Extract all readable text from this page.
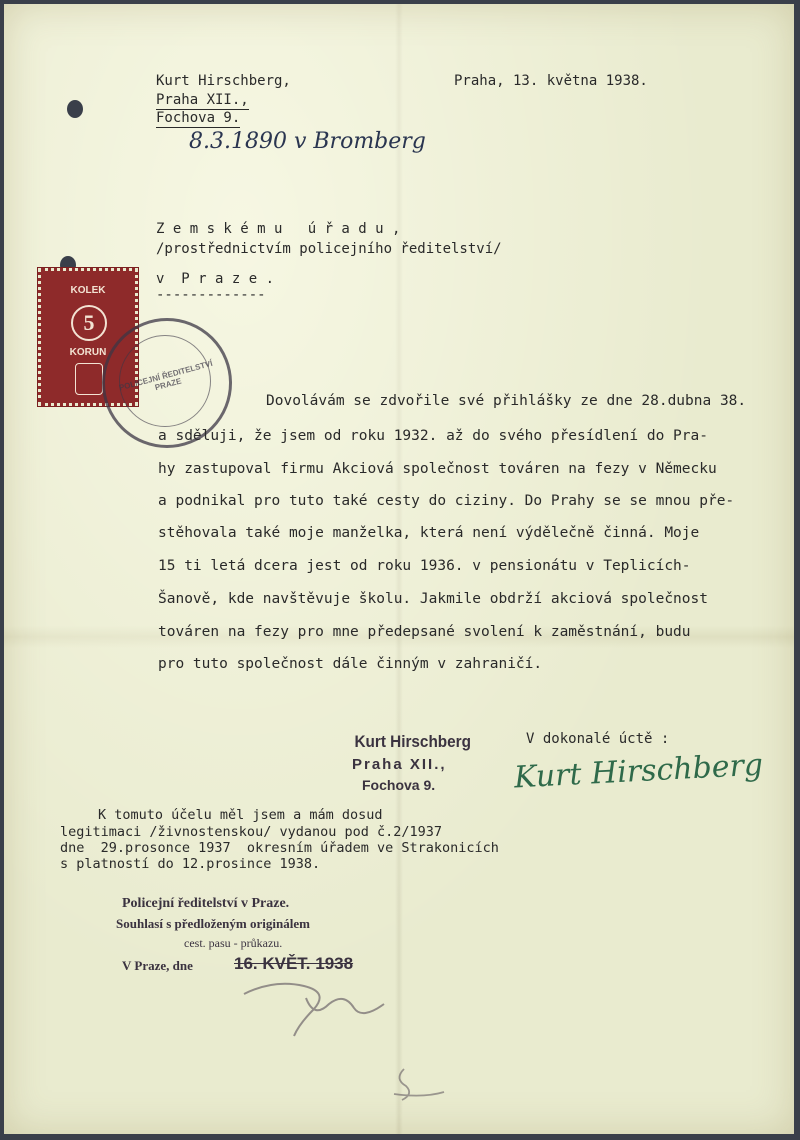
Kurt Hirschberg,
Praha XII.,
Fochova 9.
Praha, 13. května 1938.
8.3.1890 v Bromberg
Z e m s k é m u   ú ř a d u ,
/prostřednictvím policejního ředitelství/
v  P r a z e .
-------------
KOLEK
5
KORUN
POLICEJNÍ ŘEDITELSTVÍ PRAZE
Dovolávám se zdvořile své přihlášky ze dne 28.dubna 38.
a sděluji, že jsem od roku 1932. až do svého přesídlení do Pra-
hy zastupoval firmu Akciová společnost továren na fezy v Německu
a podnikal pro tuto také cesty do ciziny. Do Prahy se se mnou pře-
stěhovala také moje manželka, která není výdělečně činná. Moje
15 ti letá dcera jest od roku 1936. v pensionátu v Teplicích-
Šanově, kde navštěvuje školu. Jakmile obdrží akciová společnost
továren na fezy pro mne předepsané svolení k zaměstnání, budu
pro tuto společnost dále činným v zahraničí.
V dokonalé úctě :
Kurt Hirschberg
Praha XII.,
Fochova 9.	Kurt Hirschberg
K tomuto účelu měl jsem a mám dosud
legitimaci /živnostenskou/ vydanou pod č.2/1937
dne  29.prosonce 1937  okresním úřadem ve Strakonicích
s platností do 12.prosince 1938.
Policejní ředitelství v Praze.
Souhlasí s předloženým originálem
cest. pasu - průkazu.
V Praze, dne 16. KVĚT. 1938
